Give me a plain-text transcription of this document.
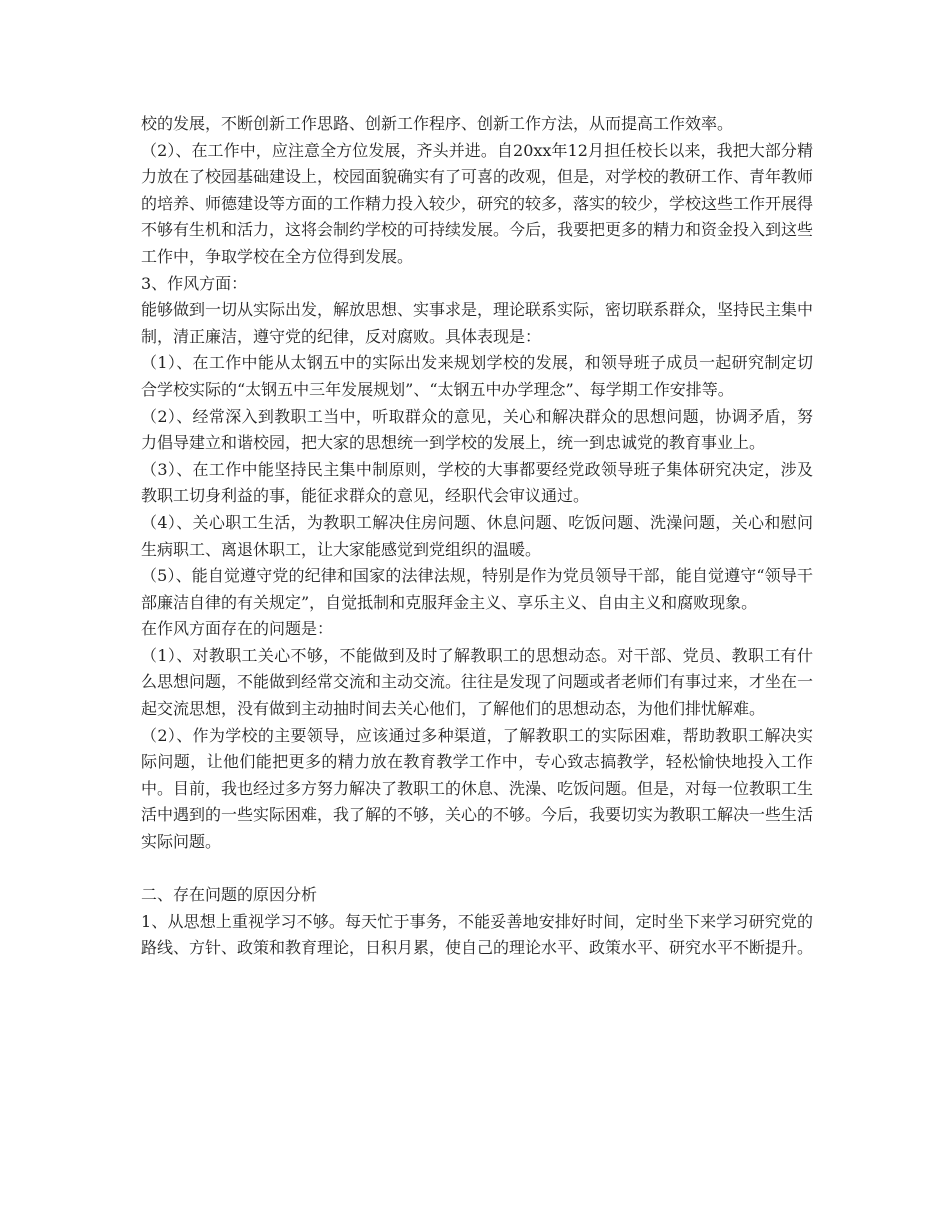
校的发展，不断创新工作思路、创新工作程序、创新工作方法，从而提高工作效率。

（2）、在工作中，应注意全方位发展，齐头并进。自20xx年12月担任校长以来，我把大部分精力放在了校园基础建设上，校园面貌确实有了可喜的改观，但是，对学校的教研工作、青年教师的培养、师德建设等方面的工作精力投入较少，研究的较多，落实的较少，学校这些工作开展得不够有生机和活力，这将会制约学校的可持续发展。今后，我要把更多的精力和资金投入到这些工作中，争取学校在全方位得到发展。

3、作风方面：

能够做到一切从实际出发，解放思想、实事求是，理论联系实际，密切联系群众，坚持民主集中制，清正廉洁，遵守党的纪律，反对腐败。具体表现是：

（1）、在工作中能从太钢五中的实际出发来规划学校的发展，和领导班子成员一起研究制定切合学校实际的“太钢五中三年发展规划”、“太钢五中办学理念”、每学期工作安排等。

（2）、经常深入到教职工当中，听取群众的意见，关心和解决群众的思想问题，协调矛盾，努力倡导建立和谐校园，把大家的思想统一到学校的发展上，统一到忠诚党的教育事业上。

（3）、在工作中能坚持民主集中制原则，学校的大事都要经党政领导班子集体研究决定，涉及教职工切身利益的事，能征求群众的意见，经职代会审议通过。

（4）、关心职工生活，为教职工解决住房问题、休息问题、吃饭问题、洗澡问题，关心和慰问生病职工、离退休职工，让大家能感觉到党组织的温暖。

（5）、能自觉遵守党的纪律和国家的法律法规，特别是作为党员领导干部，能自觉遵守“领导干部廉洁自律的有关规定”，自觉抵制和克服拜金主义、享乐主义、自由主义和腐败现象。

在作风方面存在的问题是：

（1）、对教职工关心不够，不能做到及时了解教职工的思想动态。对干部、党员、教职工有什么思想问题，不能做到经常交流和主动交流。往往是发现了问题或者老师们有事过来，才坐在一起交流思想，没有做到主动抽时间去关心他们，了解他们的思想动态，为他们排忧解难。

（2）、作为学校的主要领导，应该通过多种渠道，了解教职工的实际困难，帮助教职工解决实际问题，让他们能把更多的精力放在教育教学工作中，专心致志搞教学，轻松愉快地投入工作中。目前，我也经过多方努力解决了教职工的休息、洗澡、吃饭问题。但是，对每一位教职工生活中遇到的一些实际困难，我了解的不够，关心的不够。今后，我要切实为教职工解决一些生活实际问题。

二、存在问题的原因分析

1、从思想上重视学习不够。每天忙于事务，不能妥善地安排好时间，定时坐下来学习研究党的路线、方针、政策和教育理论，日积月累，使自己的理论水平、政策水平、研究水平不断提升。
